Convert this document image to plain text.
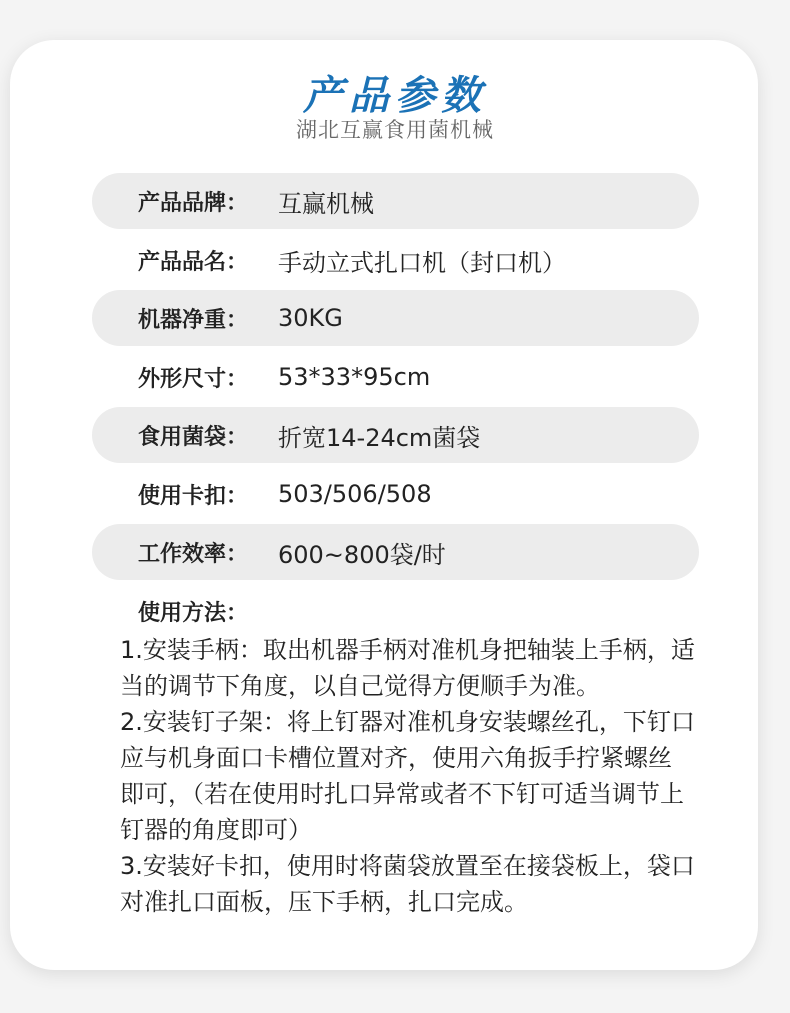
产品参数
湖北互赢食用菌机械
产品品牌：	互赢机械
产品品名：	手动立式扎口机（封口机）
机器净重：	30KG
外形尺寸：	53*33*95cm
食用菌袋：	折宽14-24cm菌袋
使用卡扣：	503/506/508
工作效率：	600~800袋/时
使用方法：

1.安装手柄：取出机器手柄对准机身把轴装上手柄，适当的调节下角度，以自己觉得方便顺手为准。

2.安装钉子架：将上钉器对准机身安装螺丝孔，下钉口应与机身面口卡槽位置对齐，使用六角扳手拧紧螺丝即可，（若在使用时扎口异常或者不下钉可适当调节上钉器的角度即可）

3.安装好卡扣，使用时将菌袋放置至在接袋板上，袋口对准扎口面板，压下手柄，扎口完成。
